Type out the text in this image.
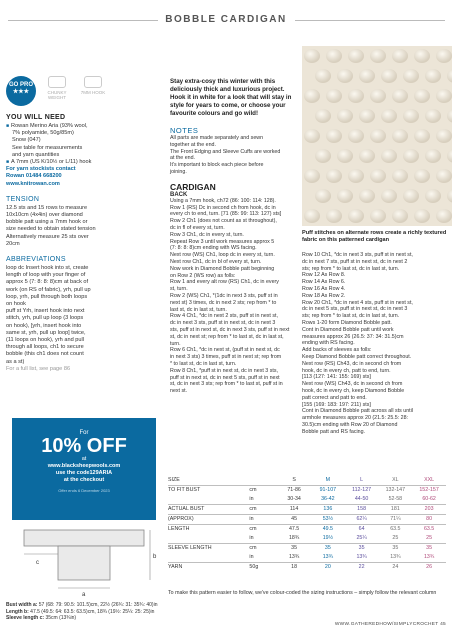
BOBBLE CARDIGAN
GO PRO
★★★	CHUNKY WEIGHT
7MM HOOK
YOU WILL NEED
■ Rowan Merino Aria (93% wool,
7% polyamide, 50g/85m)
Snow (047)
See table for measurements
and yarn quantities
■ A 7mm (US K/10½ or L/11) hook
For yarn stockists contact
Rowan 01484 668200
www.knitrowan.com
TENSION
12.5 sts and 15 rows to measure
10x10cm (4x4in) over diamond
bobble patt using a 7mm hook or
size needed to obtain stated tension
Alternatively measure 25 sts over
20cm
ABBREVIATIONS
loop dc Insert hook into st, create
length of loop with your finger of
approx 5 (7: 8: 8: 8)cm at back of
work (on RS of fabric), yrh, pull up
loop, yrh, pull through both loops
on hook
puff st Yrh, insert hook into next
stitch, yrh, pull up loop (3 loops
on hook), [yrh, insert hook into
same st, yrh, pull up loop] twice,
(11 loops on hook), yrh and pull
through all loops, ch1 to secure
bobble (this ch1 does not count
as a st)
For a full list, see page 86
For
10% OFF
at
www.blacksheepwools.com
use the code129ARIA
at the checkout
Offer ends 6 December 2023
a
b
c
Bust width a: 57 (68: 79: 90.5: 101.5)cm, 22½ (26¾: 31: 35¾: 40)in
Length b: 47.5 (49.5: 64: 63.5: 63.5)cm, 18¾ (19½: 25¼: 25: 25)in
Sleeve length c: 35cm (13¾in)
Stay extra-cosy this winter with this deliciously thick and luxurious project. Hook it in white for a look that will stay in style for years to come, or choose your favourite colours and go wild!
NOTES
All parts are made separately and sewn
together at the end.
The Front Edging and Sleeve Cuffs are worked
at the end.
It's important to block each piece before
joining.
CARDIGAN
BACK
Using a 7mm hook, ch72 (86: 100: 114: 128).
Row 1 (RS) Dc in second ch from hook, dc in
every ch to end, turn. [71 (85: 99: 113: 127) sts]
Row 2 Ch1 (does not count as st throughout),
dc in fl of every st, turn.
Row 3 Ch1, dc in every st, turn.
Repeat Row 3 until work measures approx 5
(7: 8: 8: 8)cm ending with WS facing.
Next row (WS) Ch1, loop dc in every st, turn.
Next row Ch1, dc in bl of every st, turn.
Now work in Diamond Bobble patt beginning
on Row 2 (WS row) as folls:
Row 1 and every alt row (RS) Ch1, dc in every
st, turn.
Row 2 (WS) Ch1, *(1dc in next 3 sts, puff st in
next st) 3 times, dc in next 2 sts; rep from * to
last st, dc in last st, turn.
Row 4 Ch1, *dc in next 2 sts, puff st in next st,
dc in next 3 sts, puff st in next st, dc in next 3
sts, puff st in next st, dc in next 3 sts, puff st in next
st, dc in next st; rep from * to last st, dc in last st,
turn.
Row 6 Ch1, *dc in next st, (puff st in next st, dc
in next 3 sts) 3 times, puff st in next st; rep from
* to last st, dc in last st, turn.
Row 8 Ch1, *puff st in next st, dc in next 3 sts,
puff st in next st, dc in next 5 sts, puff st in next
st, dc in next 3 sts; rep from * to last st, puff st in
next st.
Puff stitches on alternate rows create a richly textured fabric on this patterned cardigan
Row 10 Ch1, *dc in next 3 sts, puff st in next st,
dc in next 7 sts, puff st in next st, dc in next 2
sts; rep from * to last st, dc in last st, turn.
Row 12 As Row 8.
Row 14 As Row 6.
Row 16 As Row 4.
Row 18 As Row 2.
Row 20 Ch1, *dc in next 4 sts, puff st in next st,
dc in next 5 sts, puff st in next st, dc in next 3
sts; rep from * to last st, dc in last st, turn.
Rows 1-20 form Diamond Bobble patt.
Cont in Diamond Bobble patt until work
measures approx 26 (26.5: 37: 34: 31.5)cm
ending with RS facing.
Add backs of sleeves as folls:
Keep Diamond Bobble patt correct throughout.
Next row (RS) Ch43, dc in second ch from
hook, dc in every ch, patt to end, turn.
[113 (127: 141: 155: 169) sts]
Next row (WS) Ch43, dc in second ch from
hook, dc in every ch, keep Diamond Bobble
patt correct and patt to end.
[155 (169: 183: 197: 211) sts]
Cont in Diamond Bobble patt across all sts until
armhole measures approx 20 (21.5: 25.5: 28:
30.5)cm ending with Row 20 of Diamond
Bobble patt and RS facing.
SIZE	S	M	L	XL	XXL
TO FIT BUST	cm	71-86	91-107	112-127	132-147	152-157
in	30-34	36-42	44-50	52-58	60-62
ACTUAL BUST	cm	114	136	158	181	203
(APPROX)	in	45	53½	62¼	71¼	80
LENGTH	cm	47.5	49.5	64	63.5	63.5
in	18¾	19½	25¼	25	25
SLEEVE LENGTH	cm	35	35	35	35	35
in	13¾	13¾	13¾	13¾	13¾
YARN	50g	18	20	22	24	26
To make this pattern easier to follow, we've colour-coded the sizing instructions – simply follow the relevant column
WWW.GATHEREDHOW/SIMPLYCROCHET 45
